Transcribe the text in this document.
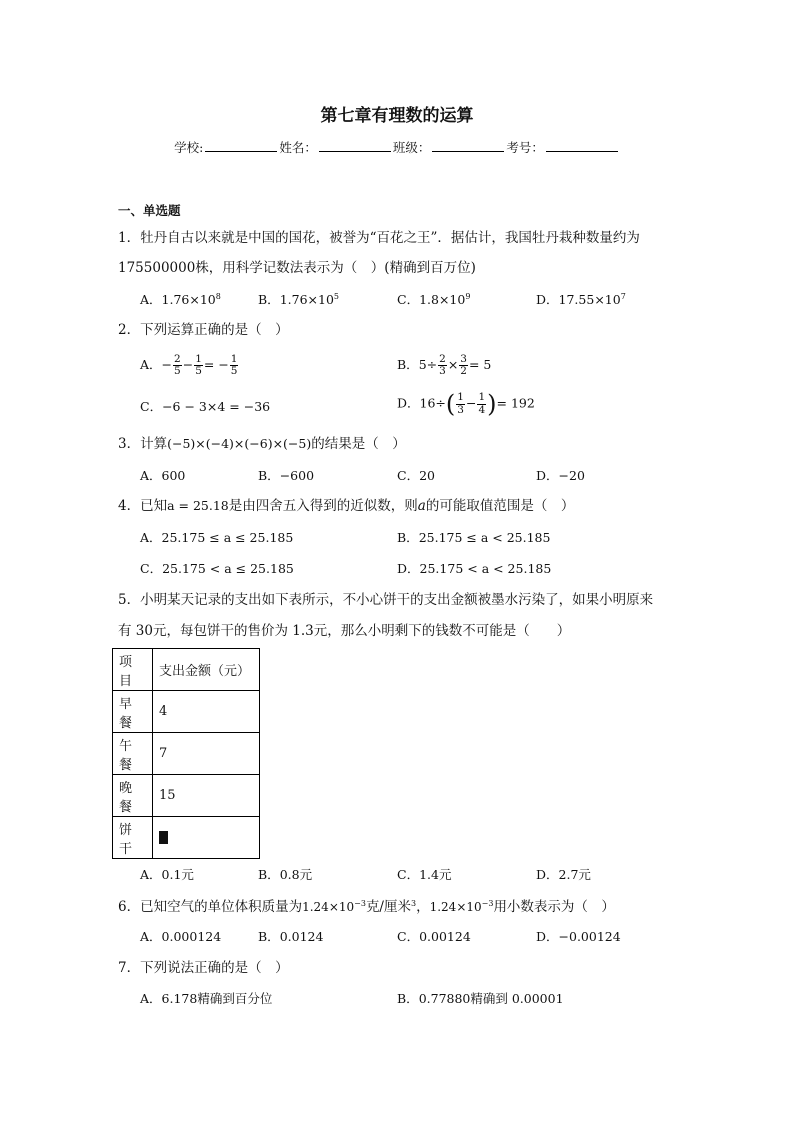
第七章有理数的运算
学校:	姓名：	班级：	考号：
一、单选题
1．牡丹自古以来就是中国的国花，被誉为“百花之王”．据估计，我国牡丹栽种数量约为
175500000株，用科学记数法表示为（　）(精确到百万位)
A．$1.76\times 10^8$	B．$1.76\times 10^5$	C．$1.8\times 10^9$	D．$17.55\times 10^7$
2．下列运算正确的是（　）
A．− $\frac{2}{5} - \frac{1}{5}$ = − $\frac{1}{5}$	B．$5\div \frac{2}{3} \times \frac{3}{2} = 5$
C．−6 − 3×4 = −36	D．$16\div( \frac{1}{3} - \frac{1}{4}$ )= 192
3．计算(−5)×(−4)×(−6)×(−5)的结果是（　）
A．600	B．−600	C．20	D．−20
4．已知a = 25.18是由四舍五入得到的近似数，则a的可能取值范围是（　）
A．25.175 ≤ a ≤ 25.185	B．25.175 ≤ a < 25.185
C．25.175 < a ≤ 25.185	D．25.175 < a < 25.185
5．小明某天记录的支出如下表所示，不小心饼干的支出金额被墨水污染了，如果小明原来
有 30元，每包饼干的售价为 1.3元，那么小明剩下的钱数不可能是（　　）
项目	支出金额（元）
早餐	4
午餐	7
晚餐	15
饼干	
A．0.1元	B．0.8元	C．1.4元	D．2.7元
6．已知空气的单位体积质量为$1.24\times 10^{-3}$克/厘米$^3$，$1.24\times 10^{-3}$用小数表示为（　）
A．0.000124	B．0.0124	C．0.00124	D．−0.00124
7．下列说法正确的是（　）
A．6.178精确到百分位	B．0.77880精确到 0.00001
